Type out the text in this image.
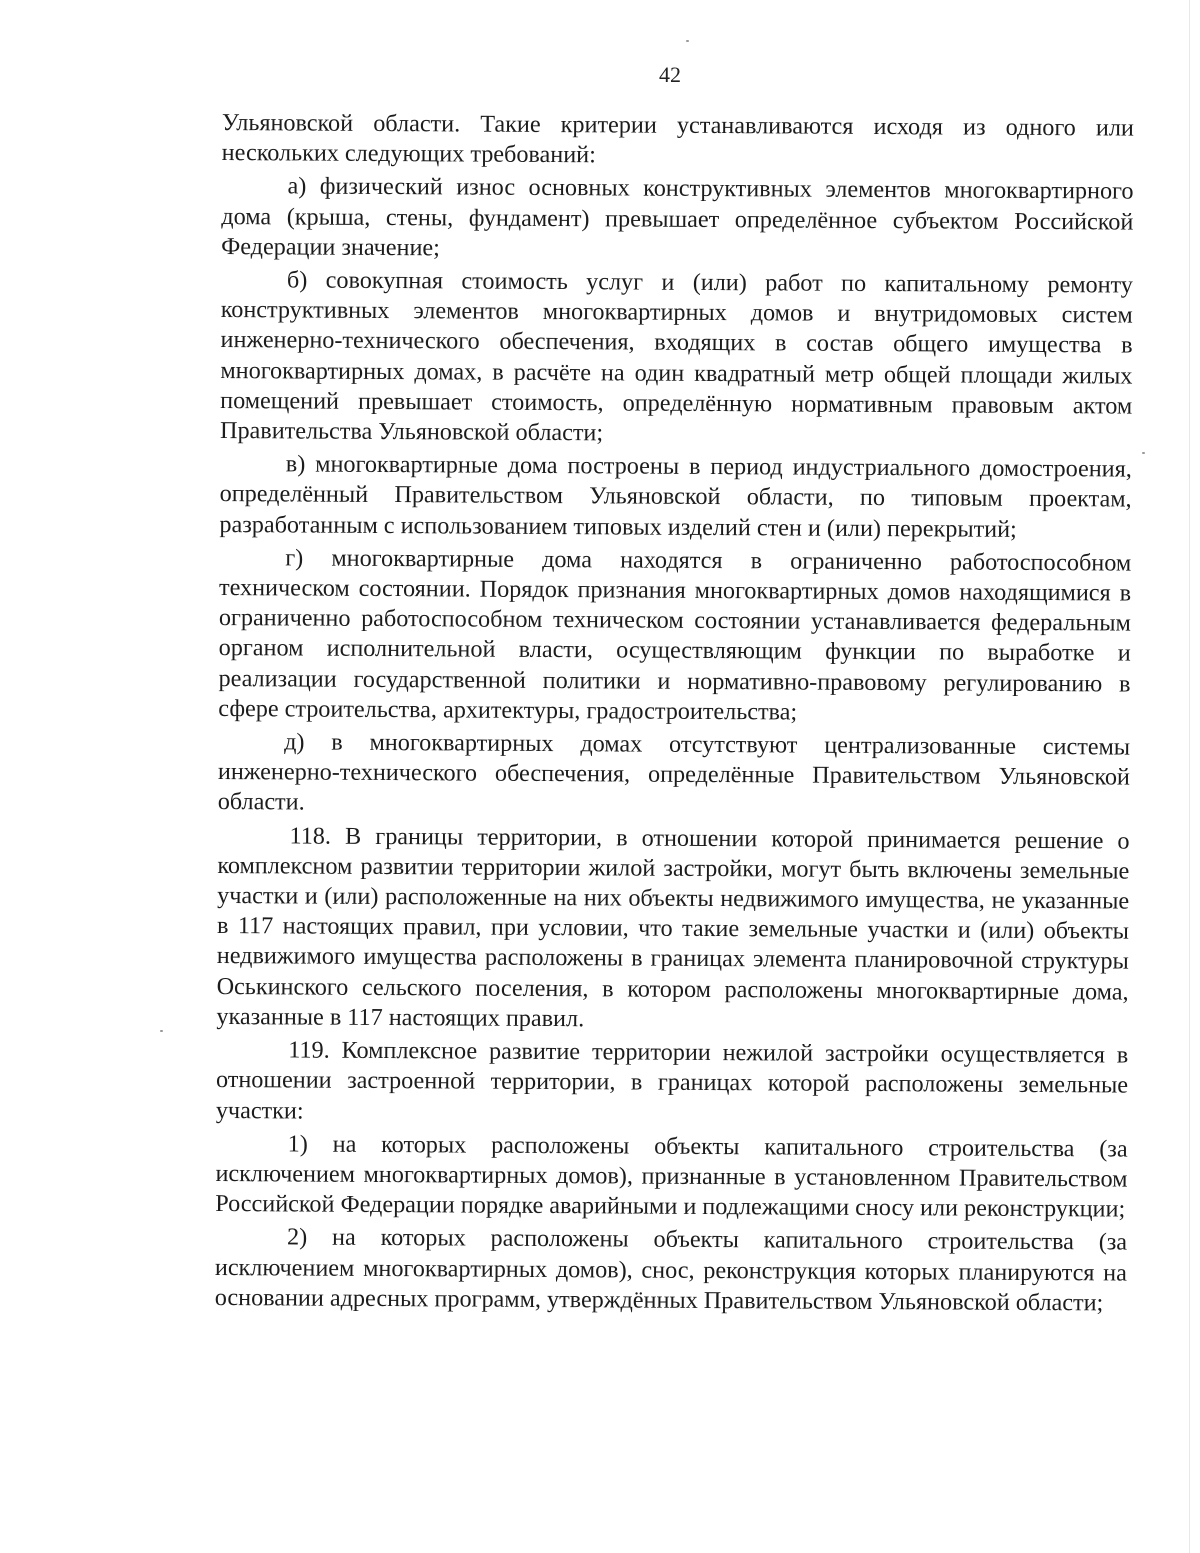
42

Ульяновской области. Такие критерии устанавливаются исходя из одного или нескольких следующих требований:

а) физический износ основных конструктивных элементов многоквартирного дома (крыша, стены, фундамент) превышает определённое субъектом Российской Федерации значение;

б) совокупная стоимость услуг и (или) работ по капитальному ремонту конструктивных элементов многоквартирных домов и внутридомовых систем инженерно-технического обеспечения, входящих в состав общего имущества в многоквартирных домах, в расчёте на один квадратный метр общей площади жилых помещений превышает стоимость, определённую нормативным правовым актом Правительства Ульяновской области;

в) многоквартирные дома построены в период индустриального домостроения, определённый Правительством Ульяновской области, по типовым проектам, разработанным с использованием типовых изделий стен и (или) перекрытий;

г) многоквартирные дома находятся в ограниченно работоспособном техническом состоянии. Порядок признания многоквартирных домов находящимися в ограниченно работоспособном техническом состоянии устанавливается федеральным органом исполнительной власти, осуществляющим функции по выработке и реализации государственной политики и нормативно-правовому регулированию в сфере строительства, архитектуры, градостроительства;

д) в многоквартирных домах отсутствуют централизованные системы инженерно-технического обеспечения, определённые Правительством Ульяновской области.

118. В границы территории, в отношении которой принимается решение о комплексном развитии территории жилой застройки, могут быть включены земельные участки и (или) расположенные на них объекты недвижимого имущества, не указанные в 117 настоящих правил, при условии, что такие земельные участки и (или) объекты недвижимого имущества расположены в границах элемента планировочной структуры Оськинского сельского поселения, в котором расположены многоквартирные дома, указанные в 117 настоящих правил.

119. Комплексное развитие территории нежилой застройки осуществляется в отношении застроенной территории, в границах которой расположены земельные участки:

1) на которых расположены объекты капитального строительства (за исключением многоквартирных домов), признанные в установленном Правительством Российской Федерации порядке аварийными и подлежащими сносу или реконструкции;

2) на которых расположены объекты капитального строительства (за исключением многоквартирных домов), снос, реконструкция которых планируются на основании адресных программ, утверждённых Правительством Ульяновской области;
